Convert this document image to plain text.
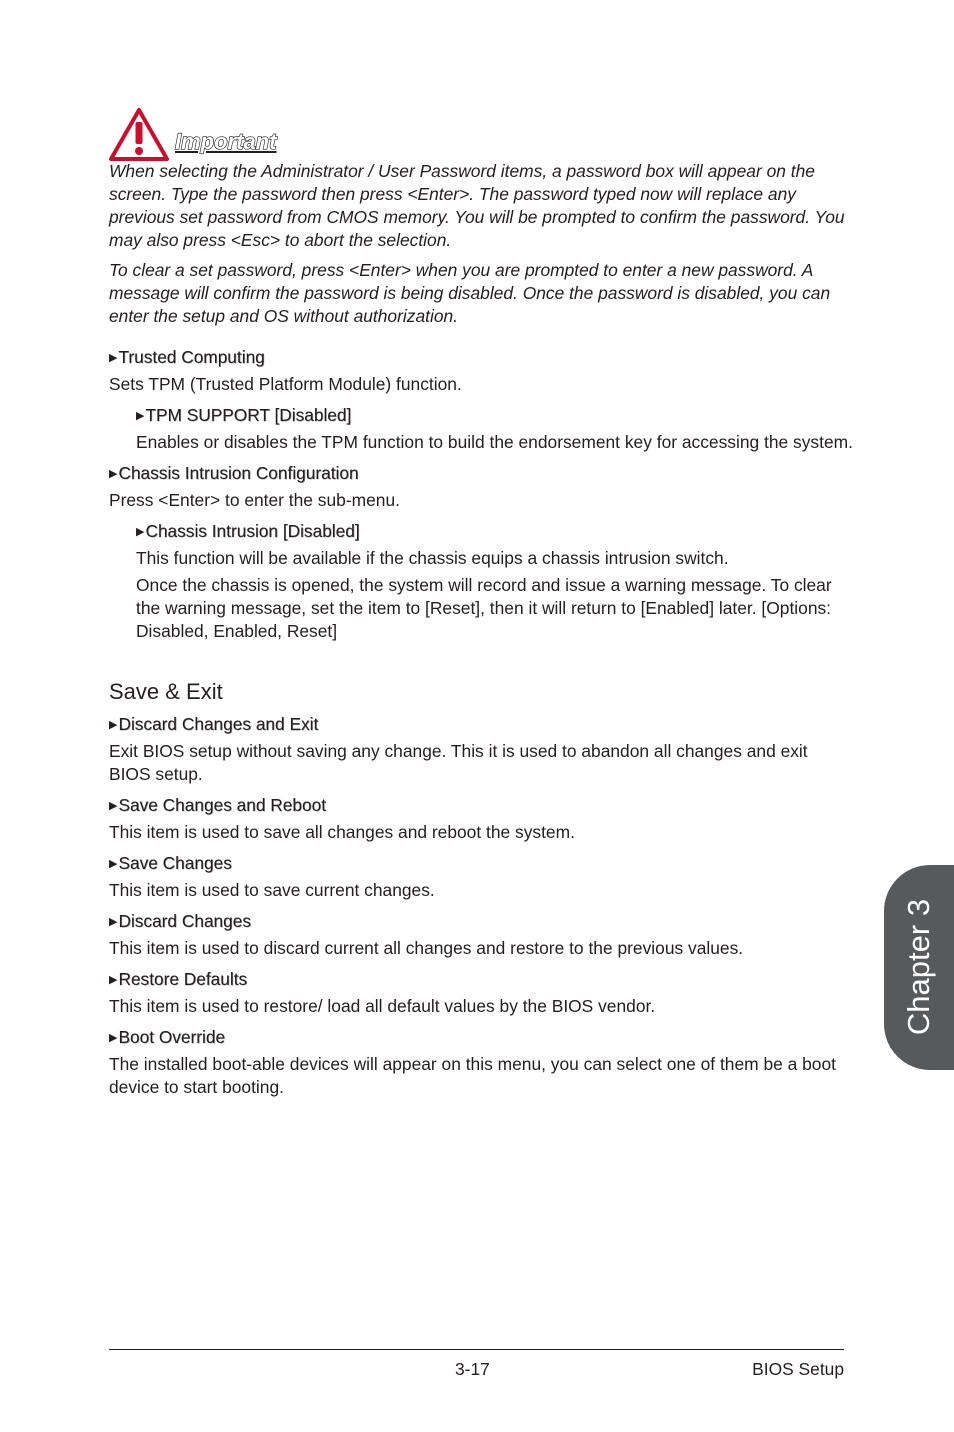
Important

When selecting the Administrator / User Password items, a password box will appear on the screen. Type the password then press <Enter>. The password typed now will replace any previous set password from CMOS memory. You will be prompted to confirm the password. You may also press <Esc> to abort the selection.

To clear a set password, press <Enter> when you are prompted to enter a new password. A message will confirm the password is being disabled. Once the password is disabled, you can enter the setup and OS without authorization.

▶Trusted Computing

Sets TPM (Trusted Platform Module) function.

▶TPM SUPPORT [Disabled]

Enables or disables the TPM function to build the endorsement key for accessing the system.

▶Chassis Intrusion Configuration

Press <Enter> to enter the sub-menu.

▶Chassis Intrusion [Disabled]

This function will be available if the chassis equips a chassis intrusion switch.

Once the chassis is opened, the system will record and issue a warning message. To clear the warning message, set the item to [Reset], then it will return to [Enabled] later. [Options: Disabled, Enabled, Reset]

Save & Exit
▶Discard Changes and Exit

Exit BIOS setup without saving any change. This it is used to abandon all changes and exit BIOS setup.

▶Save Changes and Reboot

This item is used to save all changes and reboot the system.

▶Save Changes

This item is used to save current changes.

▶Discard Changes

This item is used to discard current all changes and restore to the previous values.

▶Restore Defaults

This item is used to restore/ load all default values by the BIOS vendor.

▶Boot Override

The installed boot-able devices will appear on this menu, you can select one of them be a boot device to start booting.

Chapter 3
3-17	BIOS Setup
